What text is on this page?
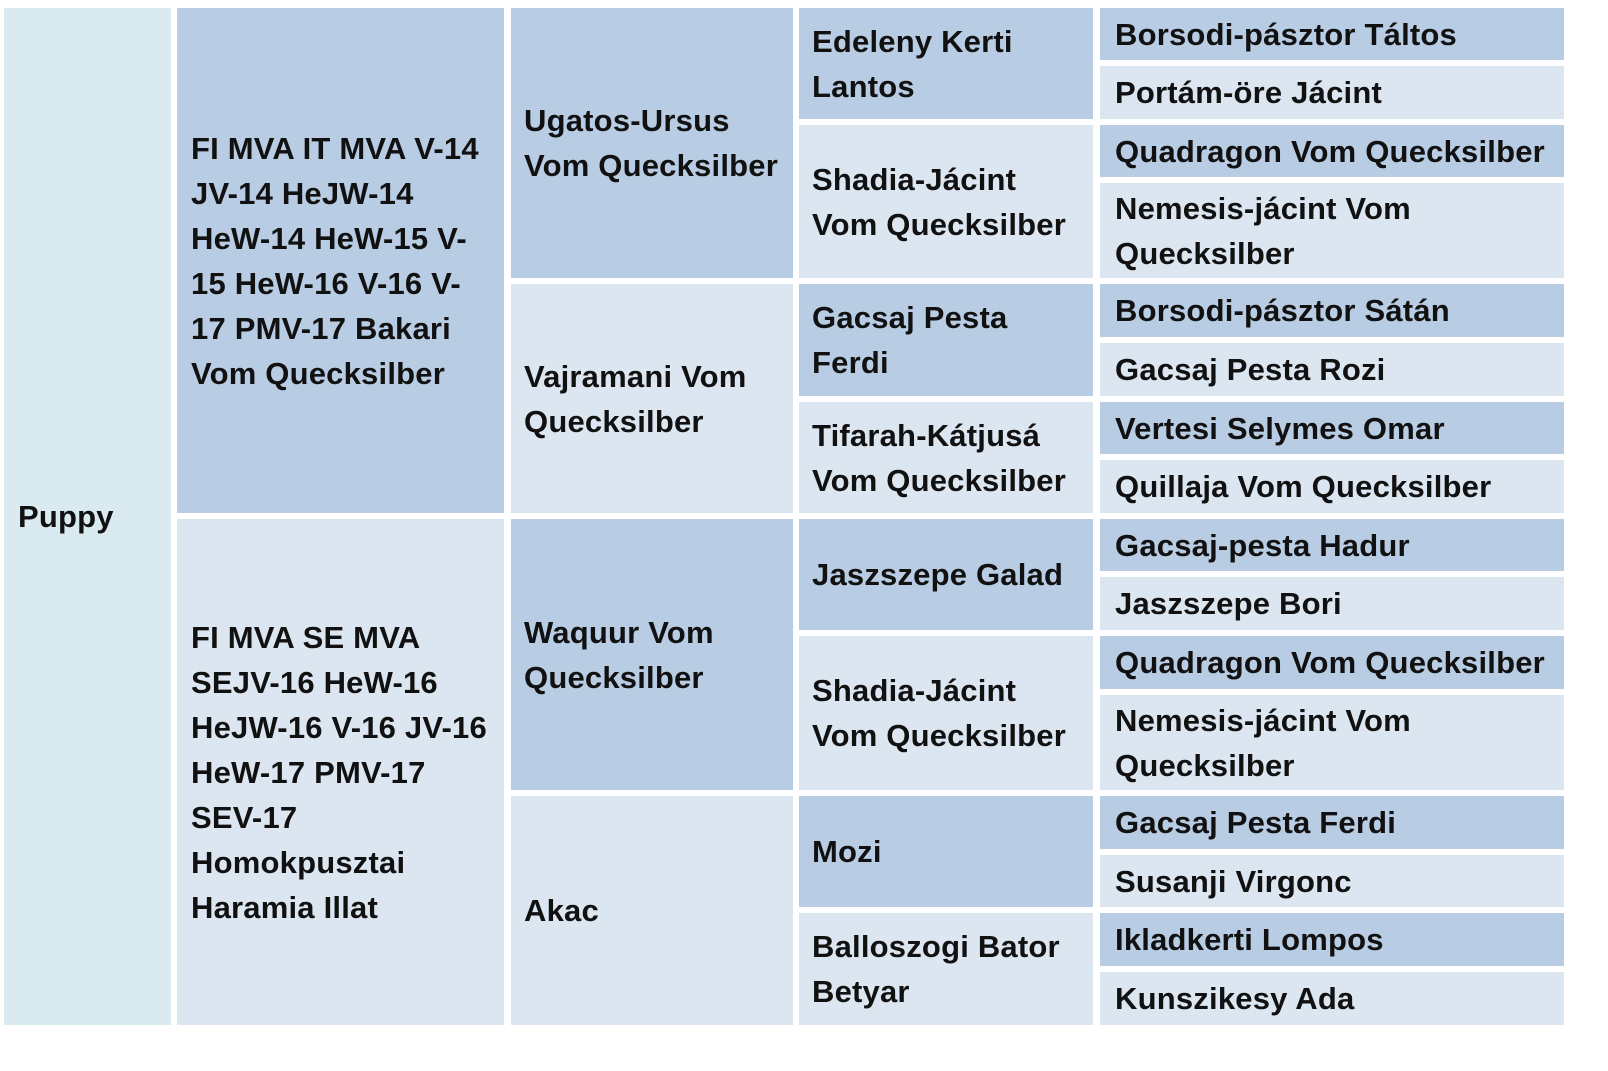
Puppy
FI MVA IT MVA V-14 JV-14 HeJW-14 HeW-14 HeW-15 V-15 HeW-16 V-16 V-17 PMV-17 Bakari Vom Quecksilber
FI MVA SE MVA SEJV-16 HeW-16 HeJW-16 V-16 JV-16 HeW-17 PMV-17 SEV-17 Homokpusztai Haramia Illat
Ugatos-Ursus Vom Quecksilber
Vajramani Vom Quecksilber
Waquur Vom Quecksilber
Akac
Edeleny Kerti Lantos
Shadia-Jácint Vom Quecksilber
Gacsaj Pesta Ferdi
Tifarah-Kátjusá Vom Quecksilber
Jaszszepe Galad
Shadia-Jácint Vom Quecksilber
Mozi
Balloszogi Bator Betyar
Borsodi-pásztor Táltos
Portám-öre Jácint
Quadragon Vom Quecksilber
Nemesis-jácint Vom Quecksilber
Borsodi-pásztor Sátán
Gacsaj Pesta Rozi
Vertesi Selymes Omar
Quillaja Vom Quecksilber
Gacsaj-pesta Hadur
Jaszszepe Bori
Quadragon Vom Quecksilber
Nemesis-jácint Vom Quecksilber
Gacsaj Pesta Ferdi
Susanji Virgonc
Ikladkerti Lompos
Kunszikesy Ada
